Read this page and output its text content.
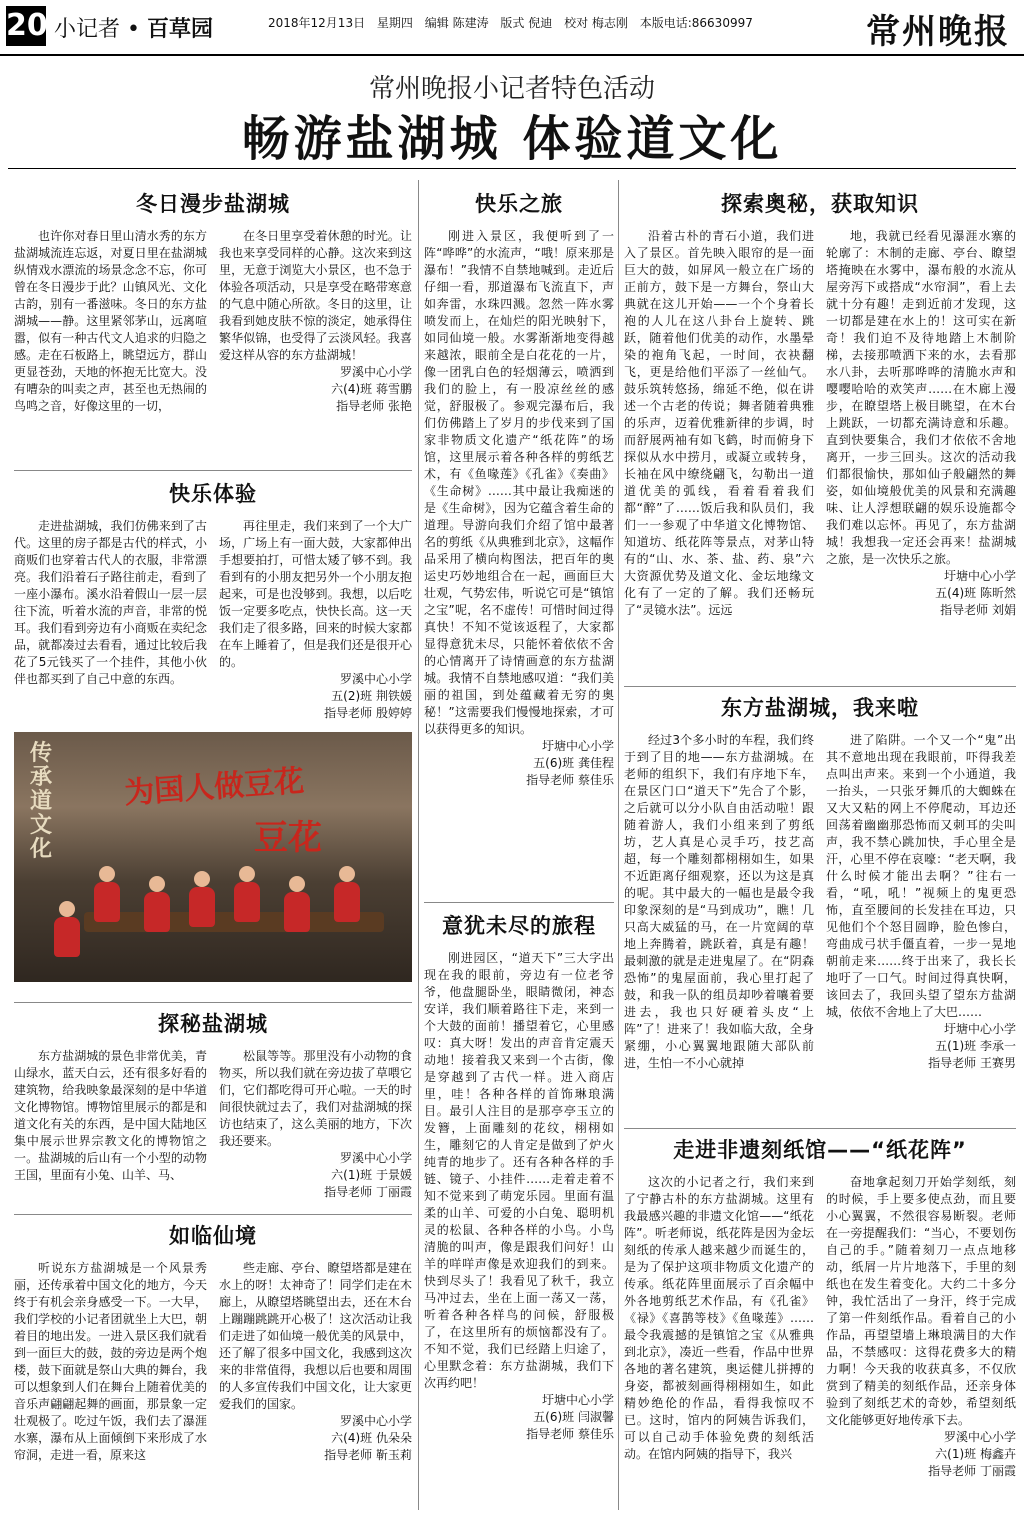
20 小记者 • 百草园	2018年12月13日 星期四 编辑 陈建涛 版式 倪迪 校对 梅志刚 本版电话:86630997	常州晚报
常州晚报小记者特色活动
畅游盐湖城 体验道文化
冬日漫步盐湖城

也许你对春日里山清水秀的东方盐湖城流连忘返，对夏日里在盐湖城纵情戏水漂流的场景念念不忘，你可曾在冬日漫步于此？山镇风光、文化古韵，别有一番滋味。冬日的东方盐湖城——静。这里紧邻茅山，远离喧嚣，似有一种古代文人追求的归隐之感。走在石板路上，眺望远方，群山更显苍劲，天地的怀抱无比宽大。没有嘈杂的叫卖之声，甚至也无热闹的鸟鸣之音，好像这里的一切，

在冬日里享受着休憩的时光。让我也来享受同样的心静。这次来到这里，无意于浏览大小景区，也不急于体验各项活动，只是享受在略带寒意的气息中随心所欲。冬日的这里，让我看到她皮肤不惊的淡定，她承得住繁华似锦，也受得了云淡风轻。我喜爱这样从容的东方盐湖城！

罗溪中心小学
六(4)班 蒋雪鹏
指导老师 张艳
快乐体验

走进盐湖城，我们仿佛来到了古代。这里的房子都是古代的样式，小商贩们也穿着古代人的衣服，非常漂亮。我们沿着石子路往前走，看到了一座小瀑布。溪水沿着假山一层一层往下流，听着水流的声音，非常的悦耳。我们看到旁边有小商贩在卖纪念品，就都凑过去看看，通过比较后我花了5元钱买了一个挂件，其他小伙伴也都买到了自己中意的东西。

再往里走，我们来到了一个大广场，广场上有一面大鼓，大家都伸出手想要拍打，可惜太矮了够不到。我看到有的小朋友把另外一个小朋友抱起来，可是也没够到。我想，以后吃饭一定要多吃点，快快长高。这一天我们走了很多路，回来的时候大家都在车上睡着了，但是我们还是很开心的。

罗溪中心小学
五(2)班 荆铁媛
指导老师 殷婷婷
传承道文化
为国人做豆花
豆花
探秘盐湖城

东方盐湖城的景色非常优美，青山绿水，蓝天白云，还有很多好看的建筑物，给我映象最深刻的是中华道文化博物馆。博物馆里展示的都是和道文化有关的东西，是中国大陆地区集中展示世界宗教文化的博物馆之一。盐湖城的后山有一个小型的动物王国，里面有小兔、山羊、马、

松鼠等等。那里没有小动物的食物买，所以我们就在旁边拔了草喂它们，它们都吃得可开心啦。一天的时间很快就过去了，我们对盐湖城的探访也结束了，这么美丽的地方，下次我还要来。

罗溪中心小学
六(1)班 于景媛
指导老师 丁丽霞
如临仙境

听说东方盐湖城是一个风景秀丽，还传承着中国文化的地方，今天终于有机会亲身感受一下。一大早，我们学校的小记者团就坐上大巴，朝着目的地出发。一进入景区我们就看到一面巨大的鼓，鼓的旁边是两个炮楼，鼓下面就是祭山大典的舞台，我可以想象到人们在舞台上随着优美的音乐声翩翩起舞的画面，那景象一定壮观极了。吃过午饭，我们去了瀑涯水寨，瀑布从上面倾倒下来形成了水帘洞，走进一看，原来这

些走廊、亭台、瞭望塔都是建在水上的呀！太神奇了！同学们走在木廊上，从瞭望塔眺望出去，还在木台上蹦蹦跳跳开心极了！这次活动让我们走进了如仙境一般优美的风景中，还了解了很多中国文化，我感到这次来的非常值得，我想以后也要和周围的人多宣传我们中国文化，让大家更爱我们的国家。

罗溪中心小学
六(4)班 仇朵朵
指导老师 靳玉莉
快乐之旅

刚进入景区，我便听到了一阵“哗哗”的水流声，“哦！原来那是瀑布！”我情不自禁地喊到。走近后仔细一看，那道瀑布飞流直下，声如奔雷，水珠四溅。忽然一阵水雾喷发而上，在灿烂的阳光映射下，如同仙境一般。水雾渐渐地变得越来越浓，眼前全是白花花的一片，像一团乳白色的轻烟薄云，喷洒到我们的脸上，有一股凉丝丝的感觉，舒服极了。参观完瀑布后，我们仿佛踏上了岁月的步伐来到了国家非物质文化遗产“纸花阵”的场馆，这里展示着各种各样的剪纸艺术，有《鱼喙莲》《孔雀》《奏曲》《生命树》……其中最让我痴迷的是《生命树》，因为它蕴含着生命的道理。导游向我们介绍了馆中最著名的剪纸《从典雅到北京》，这幅作品采用了横向构图法，把百年的奥运史巧妙地组合在一起，画面巨大壮观，气势宏伟，听说它可是“镇馆之宝”呢，名不虚传！可惜时间过得真快！不知不觉该返程了，大家都显得意犹未尽，只能怀着依依不舍的心情离开了诗情画意的东方盐湖城。我情不自禁地感叹道：“我们美丽的祖国，到处蕴藏着无穷的奥秘！”这需要我们慢慢地探索，才可以获得更多的知识。

圩塘中心小学
五(6)班 龚佳程
指导老师 蔡佳乐
意犹未尽的旅程

刚进园区，“道天下”三大字出现在我的眼前，旁边有一位老爷爷，他盘腿卧坐，眼睛微闭，神态安详，我们顺着路往下走，来到一个大鼓的面前！播望着它，心里感叹：真大呀！发出的声音肯定震天动地！接着我又来到一个古街，像是穿越到了古代一样。进入商店里，哇！各种各样的首饰琳琅满目。最引人注目的是那亭亭玉立的发簪，上面雕刻的花纹，栩栩如生，雕刻它的人肯定是做到了炉火纯青的地步了。还有各种各样的手链、镜子、小挂件……走着走着不知不觉来到了萌宠乐园。里面有温柔的山羊、可爱的小白兔、聪明机灵的松鼠、各种各样的小鸟。小鸟清脆的叫声，像是跟我们问好！山羊的咩咩声像是欢迎我们的到来。快到尽头了！我看见了秋千，我立马冲过去，坐在上面一荡又一荡，听着各种各样鸟的问候，舒服极了，在这里所有的烦恼都没有了。不知不觉，我们已经踏上归途了，心里默念着：东方盐湖城，我们下次再约吧！

圩塘中心小学
五(6)班 闫淑馨
指导老师 蔡佳乐
探索奥秘，获取知识

沿着古朴的青石小道，我们进入了景区。首先映入眼帘的是一面巨大的鼓，如屏风一般立在广场的正前方，鼓下是一方舞台，祭山大典就在这儿开始——一个个身着长袍的人儿在这八卦台上旋转、跳跃，随着他们优美的动作，水墨晕染的袍角飞起，一时间，衣袂翻飞，更是给他们平添了一丝仙气。鼓乐筑转悠扬，绵延不绝，似在讲述一个古老的传说；舞者随着典雅的乐声，迈着优雅新律的步调，时而舒展两袖有如飞鹤，时而俯身下探似从水中捞月，或凝立或转身，长袖在风中缭绕翩飞，勾勒出一道道优美的弧线，看着看着我们都“醉”了……饭后我和队员们，我们一一参观了中华道文化博物馆、知道坊、纸花阵等景点，对茅山特有的“山、水、茶、盐、药、泉”六大资源优势及道文化、金坛地缘文化有了一定的了解。我们还畅玩了“灵镜水法”。远远

地，我就已经看见瀑涯水寨的轮廓了：木制的走廊、亭台、瞭望塔掩映在水雾中，瀑布般的水流从屋旁泻下或搭成“水帘洞”，看上去就十分有趣！走到近前才发现，这一切都是建在水上的！这可实在新奇！我们迫不及待地踏上木制阶梯，去接那喷洒下来的水，去看那水八卦，去听那哗哗的清脆水声和嘤嘤哈哈的欢笑声……在木廊上漫步，在瞭望塔上极目眺望，在木台上跳跃，一切都充满诗意和乐趣。直到快要集合，我们才依依不舍地离开，一步三回头。这次的活动我们都很愉快，那如仙子般翩然的舞姿，如仙境般优美的风景和充满趣味、让人浮想联翩的娱乐设施都令我们难以忘怀。再见了，东方盐湖城！我想我一定还会再来！盐湖城之旅，是一次快乐之旅。

圩塘中心小学
五(4)班 陈昕然
指导老师 刘娟
东方盐湖城，我来啦

经过3个多小时的车程，我们终于到了目的地——东方盐湖城。在老师的组织下，我们有序地下车，在景区门口“道天下”先合了个影，之后就可以分小队自由活动啦！跟随着游人，我们小组来到了剪纸坊，艺人真是心灵手巧，技艺高超，每一个雕刻都栩栩如生，如果不近距离仔细观察，还以为这是真的呢。其中最大的一幅也是最令我印象深刻的是“马到成功”，瞧！几只高大威猛的马，在一片宽阔的草地上奔腾着，跳跃着，真是有趣！最刺激的就是走进鬼屋了。在“阴森恐怖”的鬼屋面前，我心里打起了鼓，和我一队的组员却吵着嚷着要进去，我也只好硬着头皮“上阵”了！进来了！我如临大敌，全身紧绷，小心翼翼地跟随大部队前进，生怕一不小心就掉

进了陷阱。一个又一个“鬼”出其不意地出现在我眼前，吓得我差点叫出声来。来到一个小通道，我一抬头，一只张牙舞爪的大蜘蛛在又大又粘的网上不停爬动，耳边还回荡着幽幽那恐怖而又刺耳的尖叫声，我不禁心跳加快，手心里全是汗，心里不停在哀嚎：“老天啊，我什么时候才能出去啊？”往右一看，“吼，吼！”视频上的鬼更恐怖，直至腰间的长发挂在耳边，只见他们个个怒目圆睁，脸色惨白，弯曲成弓状手僵直着，一步一晃地朝前走来……终于出来了，我长长地吁了一口气。时间过得真快啊，该回去了，我回头望了望东方盐湖城，依依不舍地上了大巴……

圩塘中心小学
五(1)班 李承一
指导老师 王赛男
走进非遗刻纸馆——“纸花阵”

这次的小记者之行，我们来到了宁静古朴的东方盐湖城。这里有我最感兴趣的非遗文化馆——“纸花阵”。听老师说，纸花阵是因为金坛刻纸的传承人越来越少而诞生的，是为了保护这项非物质文化遗产的传承。纸花阵里面展示了百余幅中外各地剪纸艺术作品，有《孔雀》《禄》《喜鹊等枝》《鱼喙莲》……最令我震撼的是镇馆之宝《从雅典到北京》，凑近一些看，作品中世界各地的著名建筑，奥运健儿拼搏的身姿，都被刻画得栩栩如生，如此精妙绝伦的作品，看得我惊叹不已。这时，馆内的阿姨告诉我们，可以自己动手体验免费的刻纸活动。在馆内阿姨的指导下，我兴

奋地拿起刻刀开始学刻纸，刻的时候，手上要多使点劲，而且要小心翼翼，不然很容易断裂。老师在一旁提醒我们：“当心，不要划伤自己的手。”随着刻刀一点点地移动，纸屑一片片地落下，手里的刻纸也在发生着变化。大约二十多分钟，我忙活出了一身汗，终于完成了第一件刻纸作品。看着自己的小作品，再望望墙上琳琅满目的大作品，不禁感叹：这得花费多大的精力啊！今天我的收获真多，不仅欣赏到了精美的刻纸作品，还亲身体验到了刻纸艺术的奇妙，希望刻纸文化能够更好地传承下去。

罗溪中心小学
六(1)班 梅鑫卉
指导老师 丁丽霞
